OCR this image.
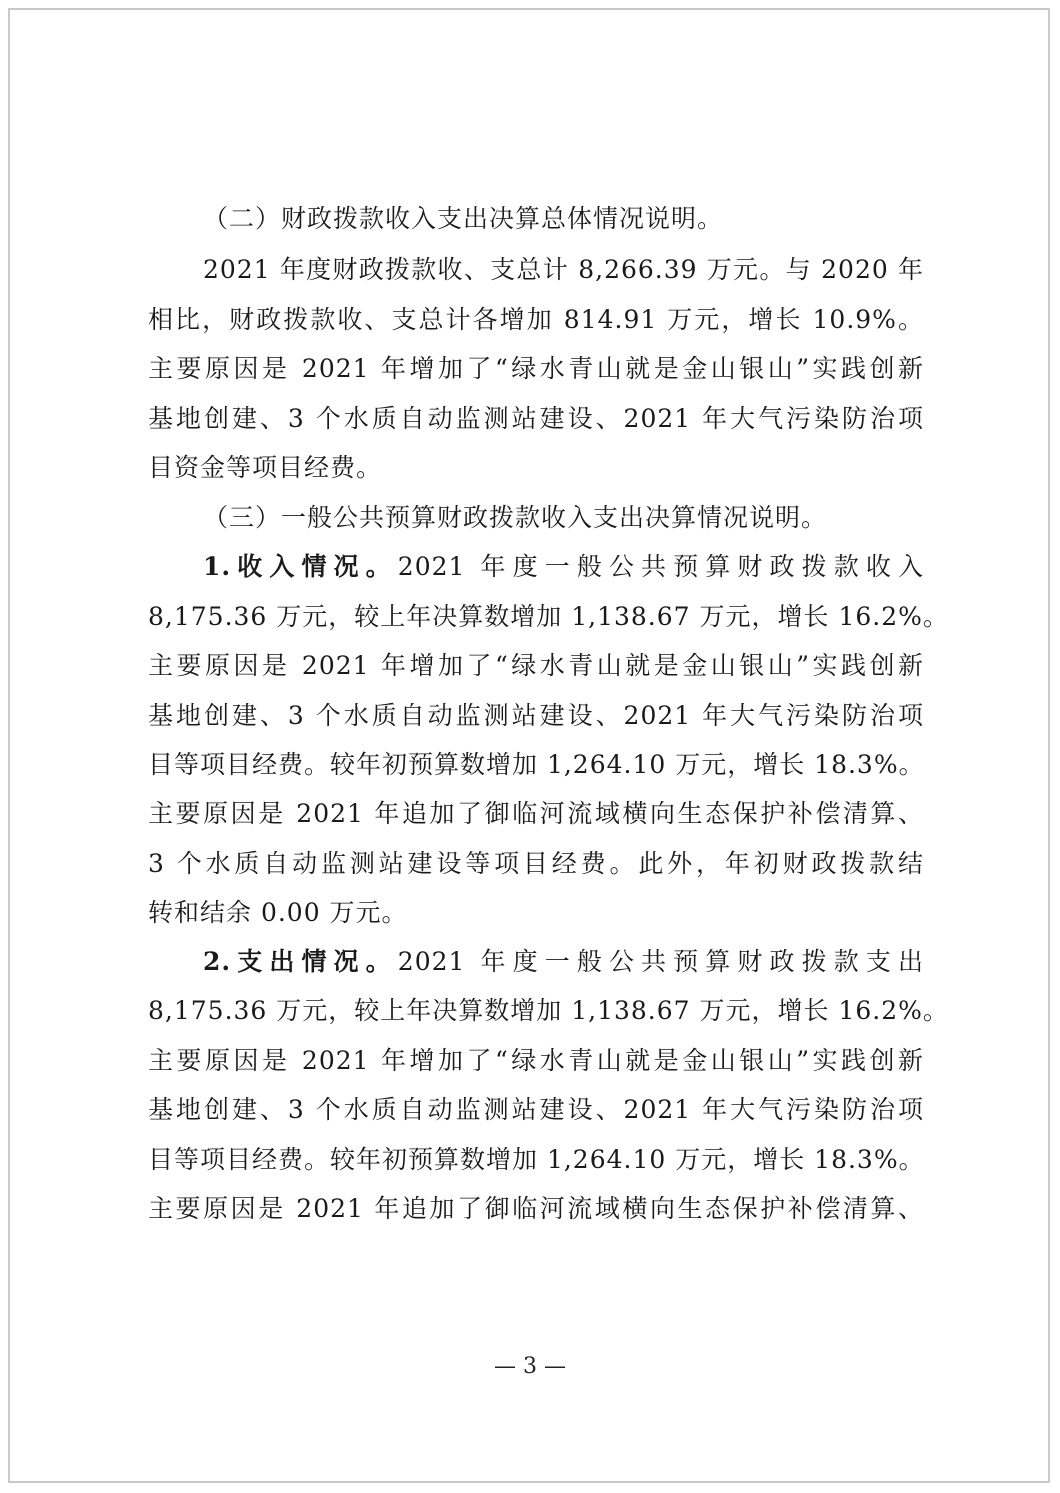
（二）财政拨款收入支出决算总体情况说明。
2021 年度财政拨款收、支总计 8,266.39 万元。与 2020 年
相比，财政拨款收、支总计各增加 814.91 万元，增长 10.9%。
主要原因是 2021 年增加了“绿水青山就是金山银山”实践创新
基地创建、3 个水质自动监测站建设、2021 年大气污染防治项
目资金等项目经费。
（三）一般公共预算财政拨款收入支出决算情况说明。
1.收入情况。2021 年度一般公共预算财政拨款收入
8,175.36 万元，较上年决算数增加 1,138.67 万元，增长 16.2%。
主要原因是 2021 年增加了“绿水青山就是金山银山”实践创新
基地创建、3 个水质自动监测站建设、2021 年大气污染防治项
目等项目经费。较年初预算数增加 1,264.10 万元，增长 18.3%。
主要原因是 2021 年追加了御临河流域横向生态保护补偿清算、
3 个水质自动监测站建设等项目经费。此外，年初财政拨款结
转和结余 0.00 万元。
2.支出情况。2021 年度一般公共预算财政拨款支出
8,175.36 万元，较上年决算数增加 1,138.67 万元，增长 16.2%。
主要原因是 2021 年增加了“绿水青山就是金山银山”实践创新
基地创建、3 个水质自动监测站建设、2021 年大气污染防治项
目等项目经费。较年初预算数增加 1,264.10 万元，增长 18.3%。
主要原因是 2021 年追加了御临河流域横向生态保护补偿清算、
— 3 —
